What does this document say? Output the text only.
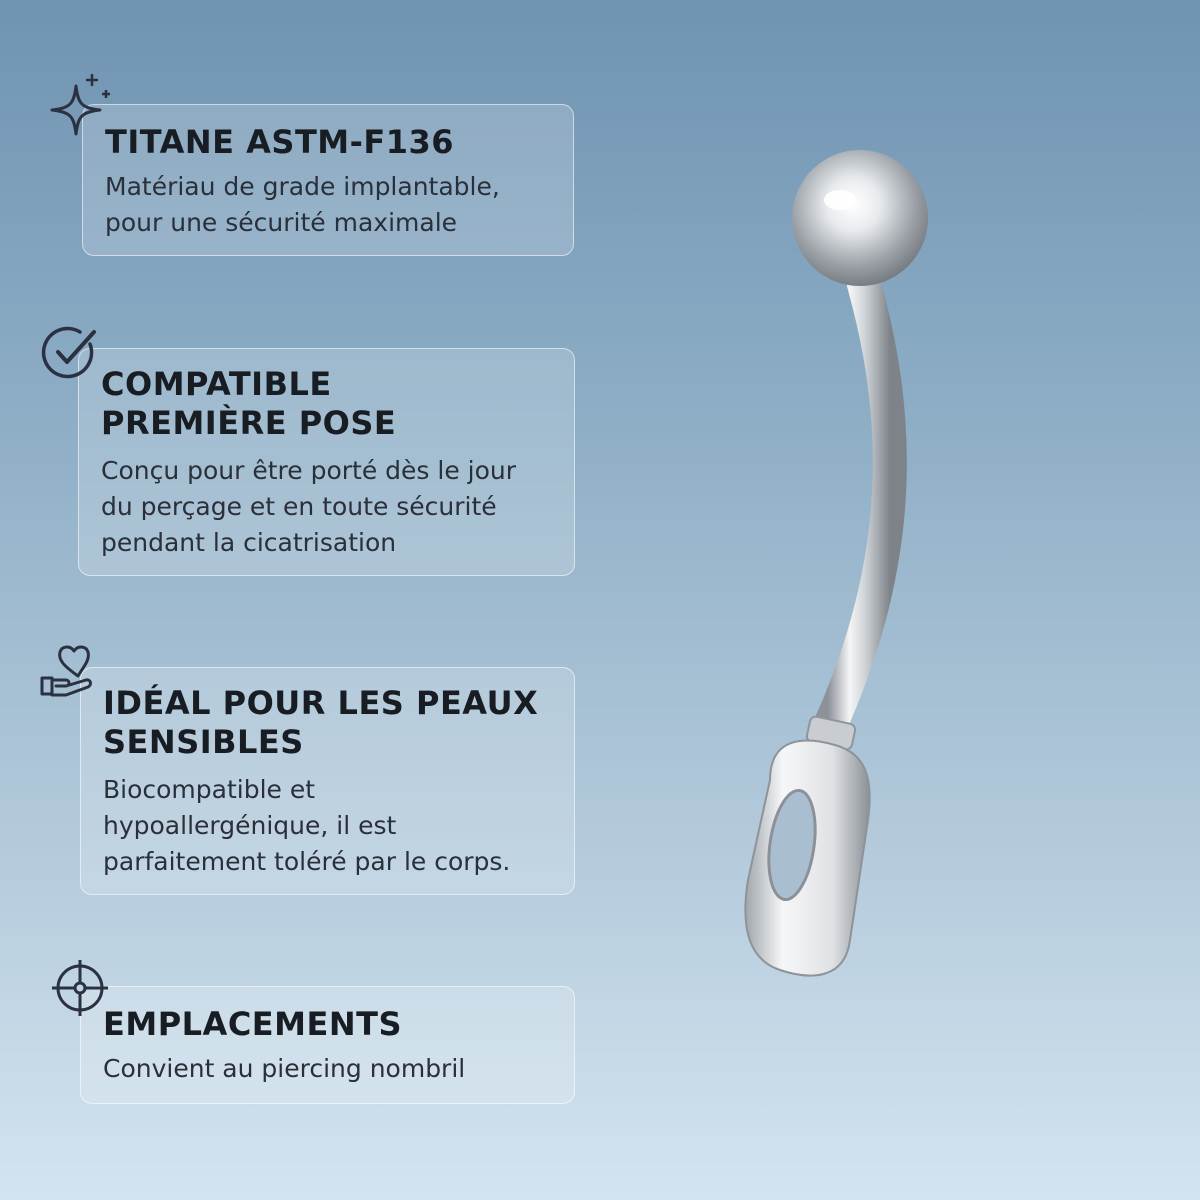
TITANE ASTM-F136
Matériau de grade implantable,
pour une sécurité maximale
COMPATIBLE
PREMIÈRE POSE
Conçu pour être porté dès le jour
du perçage et en toute sécurité
pendant la cicatrisation
IDÉAL POUR LES PEAUX
SENSIBLES
Biocompatible et
hypoallergénique, il est
parfaitement toléré par le corps.
EMPLACEMENTS
Convient au piercing nombril
